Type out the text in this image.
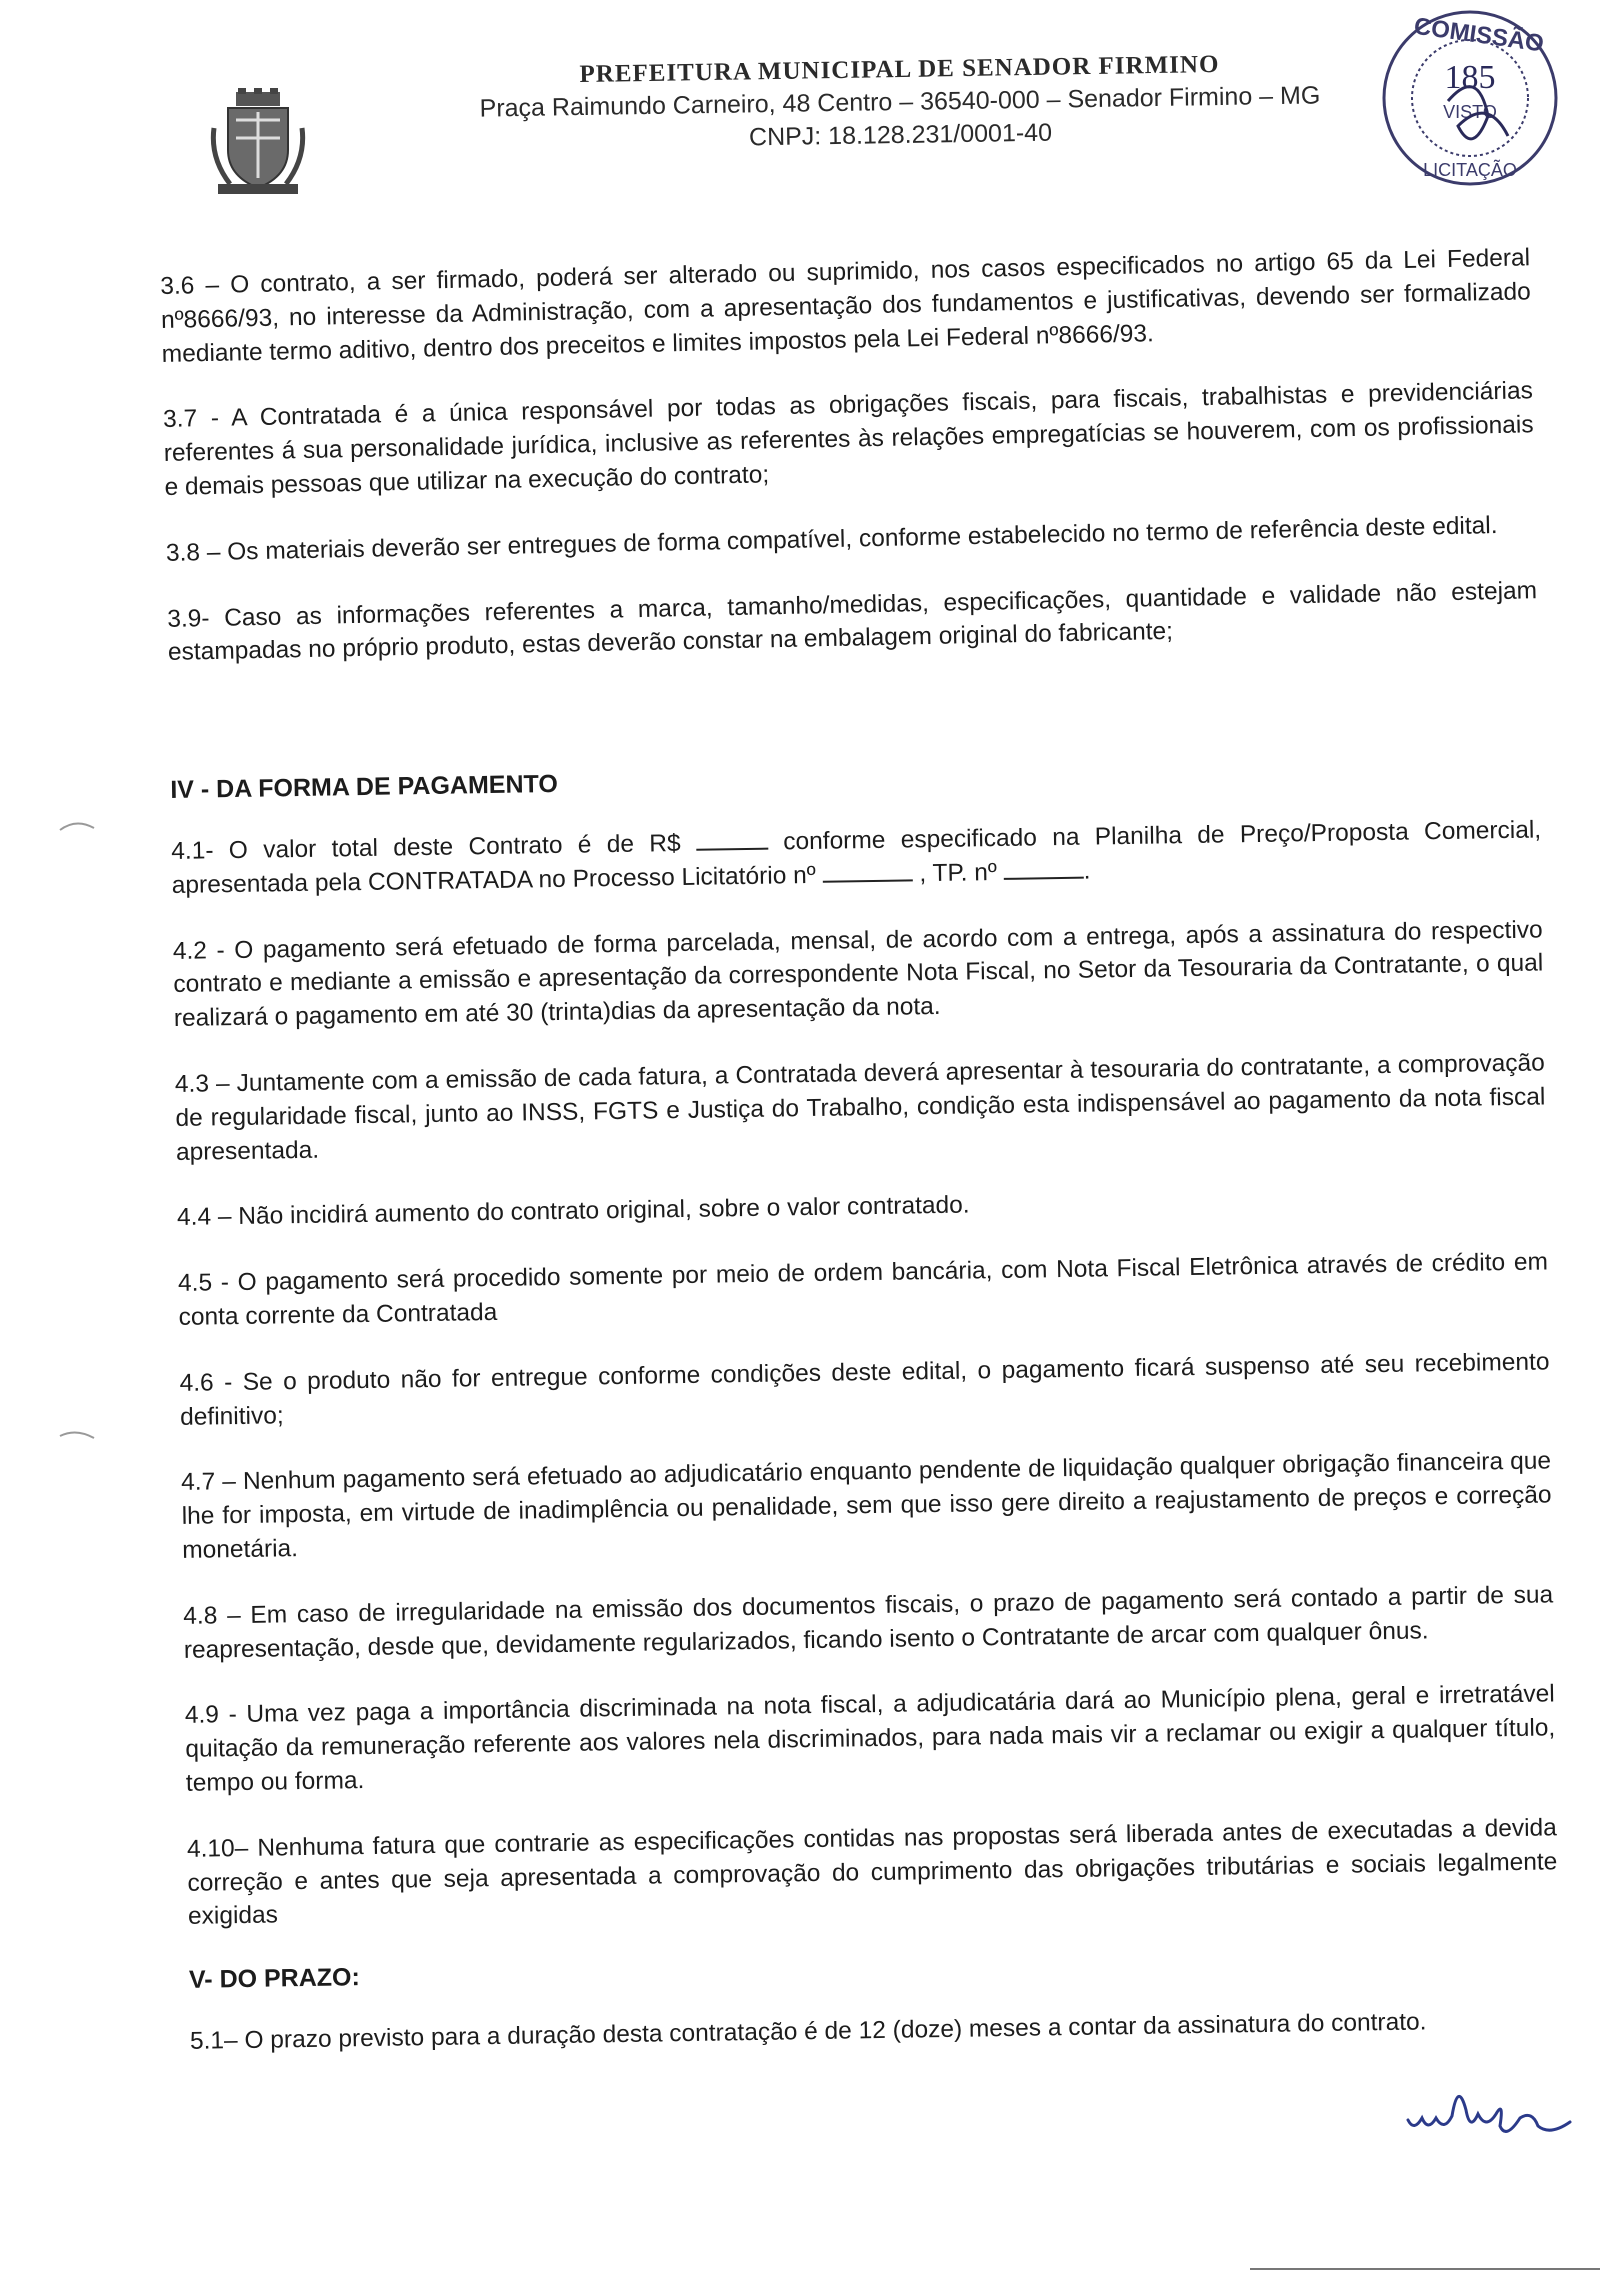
PREFEITURA MUNICIPAL DE SENADOR FIRMINO
Praça Raimundo Carneiro, 48 Centro – 36540-000 – Senador Firmino – MG
CNPJ: 18.128.231/0001-40
COMISSÃO
185
VISTO
LICITAÇÃO

3.6 – O contrato, a ser firmado, poderá ser alterado ou suprimido, nos casos especificados no artigo 65 da Lei Federal nº8666/93, no interesse da Administração, com a apresentação dos fundamentos e justificativas, devendo ser formalizado mediante termo aditivo, dentro dos preceitos e limites impostos pela Lei Federal nº8666/93.

3.7 - A Contratada é a única responsável por todas as obrigações fiscais, para fiscais, trabalhistas e previdenciárias referentes á sua personalidade jurídica, inclusive as referentes às relações empregatícias se houverem, com os profissionais e demais pessoas que utilizar na execução do contrato;

3.8 – Os materiais deverão ser entregues de forma compatível, conforme estabelecido no termo de referência deste edital.

3.9- Caso as informações referentes a marca, tamanho/medidas, especificações, quantidade e validade não estejam estampadas no próprio produto, estas deverão constar na embalagem original do fabricante;

IV - DA FORMA DE PAGAMENTO

4.1- O valor total deste Contrato é de R$	conforme especificado na Planilha de Preço/Proposta Comercial, apresentada pela CONTRATADA no Processo Licitatório nº	, TP. nº	.

4.2 - O pagamento será efetuado de forma parcelada, mensal, de acordo com a entrega, após a assinatura do respectivo contrato e mediante a emissão e apresentação da correspondente Nota Fiscal, no Setor da Tesouraria da Contratante, o qual realizará o pagamento em até 30 (trinta)dias da apresentação da nota.

4.3 – Juntamente com a emissão de cada fatura, a Contratada deverá apresentar à tesouraria do contratante, a comprovação de regularidade fiscal, junto ao INSS, FGTS e Justiça do Trabalho, condição esta indispensável ao pagamento da nota fiscal apresentada.

4.4 – Não incidirá aumento do contrato original, sobre o valor contratado.

4.5 - O pagamento será procedido somente por meio de ordem bancária, com Nota Fiscal Eletrônica através de crédito em conta corrente da Contratada

4.6 - Se o produto não for entregue conforme condições deste edital, o pagamento ficará suspenso até seu recebimento definitivo;

4.7 – Nenhum pagamento será efetuado ao adjudicatário enquanto pendente de liquidação qualquer obrigação financeira que lhe for imposta, em virtude de inadimplência ou penalidade, sem que isso gere direito a reajustamento de preços e correção monetária.

4.8 – Em caso de irregularidade na emissão dos documentos fiscais, o prazo de pagamento será contado a partir de sua reapresentação, desde que, devidamente regularizados, ficando isento o Contratante de arcar com qualquer ônus.

4.9 - Uma vez paga a importância discriminada na nota fiscal, a adjudicatária dará ao Município plena, geral e irretratável quitação da remuneração referente aos valores nela discriminados, para nada mais vir a reclamar ou exigir a qualquer título, tempo ou forma.

4.10– Nenhuma fatura que contrarie as especificações contidas nas propostas será liberada antes de executadas a devida correção e antes que seja apresentada a comprovação do cumprimento das obrigações tributárias e sociais legalmente exigidas

V- DO PRAZO:

5.1– O prazo previsto para a duração desta contratação é de 12 (doze) meses a contar da assinatura do contrato.
